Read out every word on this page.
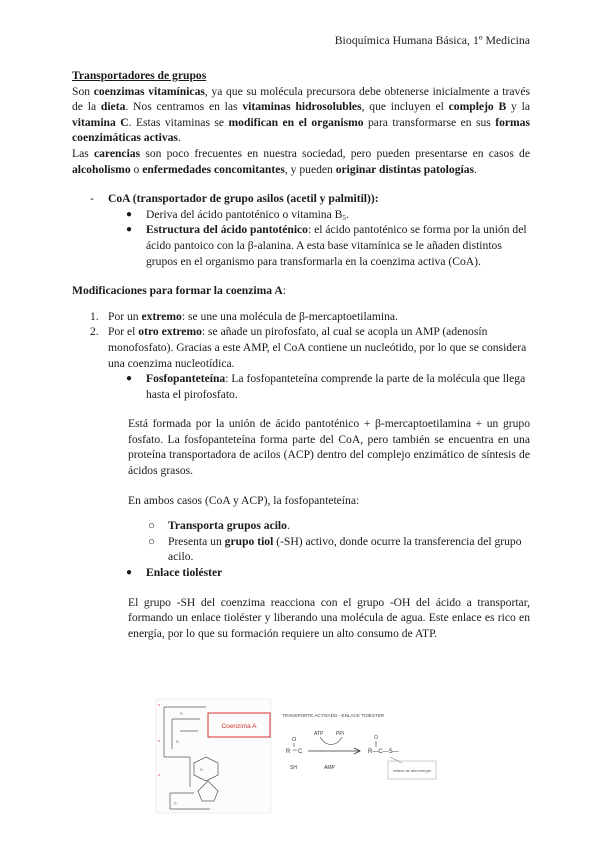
Bioquímica Humana Básica, 1º Medicina
Transportadores de grupos

Son coenzimas vitamínicas, ya que su molécula precursora debe obtenerse inicialmente a través de la dieta. Nos centramos en las vitaminas hidrosolubles, que incluyen el complejo B y la vitamina C. Estas vitaminas se modifican en el organismo para transformarse en sus formas coenzimáticas activas.

Las carencias son poco frecuentes en nuestra sociedad, pero pueden presentarse en casos de alcoholismo o enfermedades concomitantes, y pueden originar distintas patologías.

-	CoA (transportador de grupo asilos (acetil y palmitil)):
●	Deriva del ácido pantoténico o vitamina $B_5$.
●	Estructura del ácido pantoténico: el ácido pantoténico se forma por la unión del ácido pantoico con la β-alanina. A esta base vitamínica se le añaden distintos grupos en el organismo para transformarla en la coenzima activa (CoA).
Modificaciones para formar la coenzima A:
1. Por un extremo: se une una molécula de β-mercaptoetilamina.
2. Por el otro extremo: se añade un pirofosfato, al cual se acopla un AMP (adenosín monofosfato). Gracias a este AMP, el CoA contiene un nucleótido, por lo que se considera una coenzima nucleotídica.
●	Fosfopanteteína: La fosfopanteteína comprende la parte de la molécula que llega hasta el pirofosfato.

Está formada por la unión de ácido pantoténico + β-mercaptoetilamina + un grupo fosfato. La fosfopanteteína forma parte del CoA, pero también se encuentra en una proteína transportadora de acilos (ACP) dentro del complejo enzimático de síntesis de ácidos grasos.

En ambos casos (CoA y ACP), la fosfopanteteína:

○	Transporta grupos acilo.
○	Presenta un grupo tiol (-SH) activo, donde ocurre la transferencia del grupo acilo.
●	Enlace tioléster

El grupo -SH del coenzima reacciona con el grupo -OH del ácido a transportar, formando un enlace tioléster y liberando una molécula de agua. Este enlace es rico en energía, por lo que su formación requiere un alto consumo de ATP.

Coenzima A
S
N
N
P
TRANSPORTE ACTIVADO - ENLACE TIOÉSTER
O
R C
SH
ATP	PPi
AMP
R—C—S—
O
enlace de alta energía
